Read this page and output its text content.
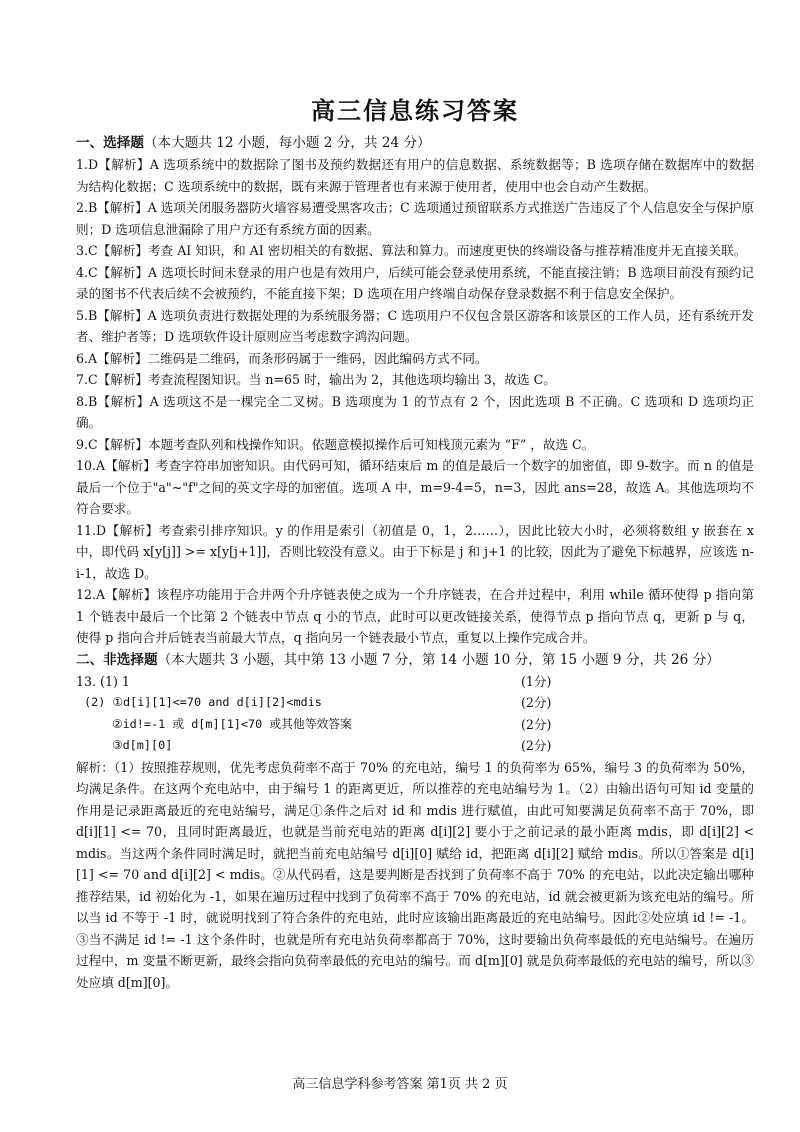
高三信息练习答案
一、选择题（本大题共 12 小题，每小题 2 分，共 24 分）

1.D【解析】A 选项系统中的数据除了图书及预约数据还有用户的信息数据、系统数据等；B 选项存储在数据库中的数据为结构化数据；C 选项系统中的数据，既有来源于管理者也有来源于使用者，使用中也会自动产生数据。

2.B【解析】A 选项关闭服务器防火墙容易遭受黑客攻击；C 选项通过预留联系方式推送广告违反了个人信息安全与保护原则；D 选项信息泄漏除了用户方还有系统方面的因素。

3.C【解析】考查 AI 知识，和 AI 密切相关的有数据、算法和算力。而速度更快的终端设备与推荐精准度并无直接关联。

4.C【解析】A 选项长时间未登录的用户也是有效用户，后续可能会登录使用系统，不能直接注销；B 选项目前没有预约记录的图书不代表后续不会被预约，不能直接下架；D 选项在用户终端自动保存登录数据不利于信息安全保护。

5.B【解析】A 选项负责进行数据处理的为系统服务器；C 选项用户不仅包含景区游客和该景区的工作人员，还有系统开发者、维护者等；D 选项软件设计原则应当考虑数字鸿沟问题。

6.A【解析】二维码是二维码，而条形码属于一维码，因此编码方式不同。

7.C【解析】考查流程图知识。当 n=65 时，输出为 2，其他选项均输出 3，故选 C。

8.B【解析】A 选项这不是一棵完全二叉树。B 选项度为 1 的节点有 2 个，因此选项 B 不正确。C 选项和 D 选项均正确。

9.C【解析】本题考查队列和栈操作知识。依题意模拟操作后可知栈顶元素为 “F” ，故选 C。

10.A【解析】考查字符串加密知识。由代码可知，循环结束后 m 的值是最后一个数字的加密值，即 9-数字。而 n 的值是最后一个位于"a"~"f"之间的英文字母的加密值。选项 A 中，m=9-4=5，n=3，因此 ans=28，故选 A。其他选项均不符合要求。

11.D【解析】考查索引排序知识。y 的作用是索引（初值是 0，1，2……），因此比较大小时，必须将数组 y 嵌套在 x 中，即代码 x[y[j]] >= x[y[j+1]]，否则比较没有意义。由于下标是 j 和 j+1 的比较，因此为了避免下标越界，应该选 n-i-1，故选 D。

12.A【解析】该程序功能用于合并两个升序链表使之成为一个升序链表，在合并过程中，利用 while 循环使得 p 指向第 1 个链表中最后一个比第 2 个链表中节点 q 小的节点，此时可以更改链接关系，使得节点 p 指向节点 q，更新 p 与 q，使得 p 指向合并后链表当前最大节点，q 指向另一个链表最小节点，重复以上操作完成合并。

二、非选择题（本大题共 3 小题，其中第 13 小题 7 分，第 14 小题 10 分，第 15 小题 9 分，共 26 分）
13. (1) 1	(1分)
(2) ①d[i][1]<=70 and d[i][2]<mdis	(2分)
②id!=-1 或 d[m][1]<70 或其他等效答案	(2分)
③d[m][0]	(2分)

解析：（1）按照推荐规则，优先考虑负荷率不高于 70% 的充电站，编号 1 的负荷率为 65%，编号 3 的负荷率为 50%，均满足条件。在这两个充电站中，由于编号 1 的距离更近，所以推荐的充电站编号为 1。（2）由输出语句可知 id 变量的作用是记录距离最近的充电站编号，满足①条件之后对 id 和 mdis 进行赋值，由此可知要满足负荷率不高于 70%，即 d[i][1] <= 70，且同时距离最近，也就是当前充电站的距离 d[i][2] 要小于之前记录的最小距离 mdis，即 d[i][2] < mdis。当这两个条件同时满足时，就把当前充电站编号 d[i][0] 赋给 id，把距离 d[i][2] 赋给 mdis。所以①答案是 d[i][1] <= 70 and d[i][2] < mdis。②从代码看，这是要判断是否找到了负荷率不高于 70% 的充电站，以此决定输出哪种推荐结果，id 初始化为 -1，如果在遍历过程中找到了负荷率不高于 70% 的充电站，id 就会被更新为该充电站的编号。所以当 id 不等于 -1 时，就说明找到了符合条件的充电站，此时应该输出距离最近的充电站编号。因此②处应填 id != -1。③当不满足 id != -1 这个条件时，也就是所有充电站负荷率都高于 70%，这时要输出负荷率最低的充电站编号。在遍历过程中，m 变量不断更新，最终会指向负荷率最低的充电站的编号。而 d[m][0] 就是负荷率最低的充电站的编号，所以③处应填 d[m][0]。

高三信息学科参考答案 第1页 共 2 页
